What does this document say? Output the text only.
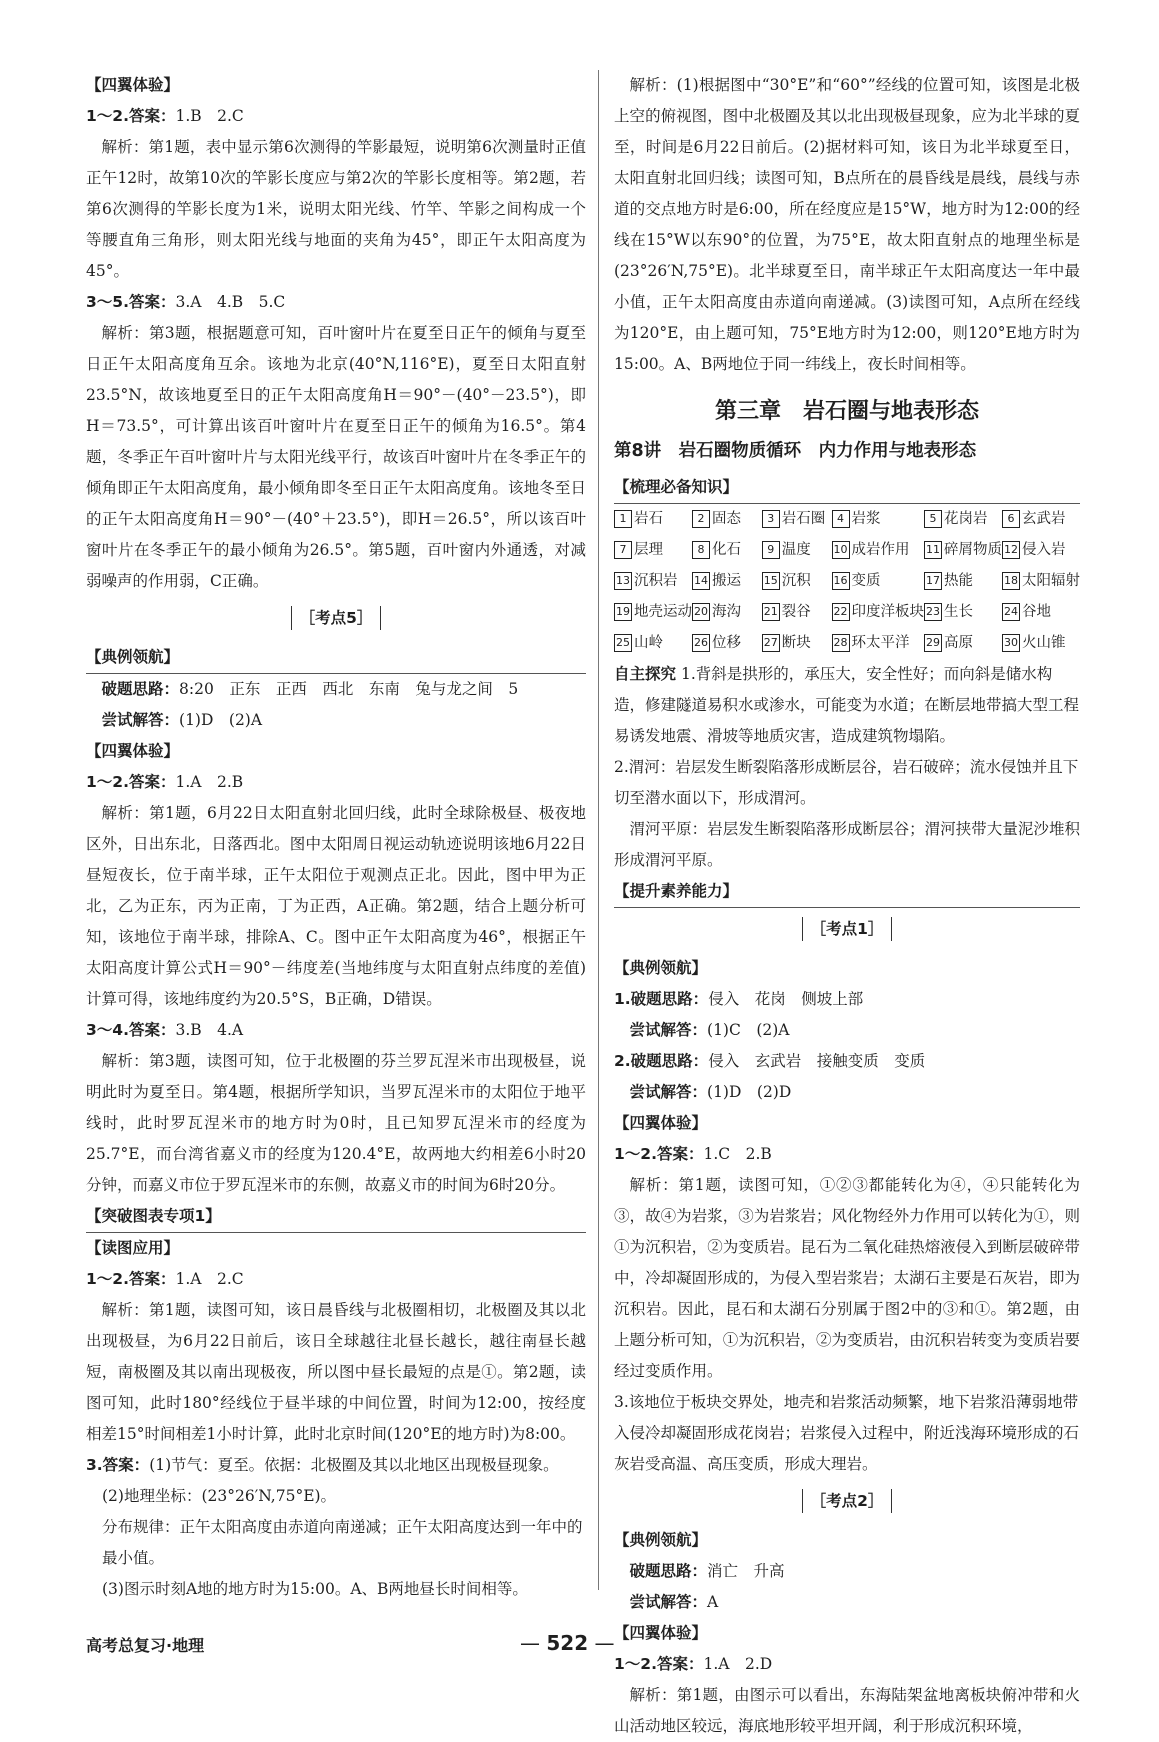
【四翼体验】

1～2.答案：1.B　2.C

解析：第1题，表中显示第6次测得的竿影最短，说明第6次测量时正值正午12时，故第10次的竿影长度应与第2次的竿影长度相等。第2题，若第6次测得的竿影长度为1米，说明太阳光线、竹竿、竿影之间构成一个等腰直角三角形，则太阳光线与地面的夹角为45°，即正午太阳高度为45°。

3～5.答案：3.A　4.B　5.C

解析：第3题，根据题意可知，百叶窗叶片在夏至日正午的倾角与夏至日正午太阳高度角互余。该地为北京(40°N,116°E)，夏至日太阳直射23.5°N，故该地夏至日的正午太阳高度角H＝90°－(40°－23.5°)，即H＝73.5°，可计算出该百叶窗叶片在夏至日正午的倾角为16.5°。第4题，冬季正午百叶窗叶片与太阳光线平行，故该百叶窗叶片在冬季正午的倾角即正午太阳高度角，最小倾角即冬至日正午太阳高度角。该地冬至日的正午太阳高度角H＝90°－(40°＋23.5°)，即H＝26.5°，所以该百叶窗叶片在冬季正午的最小倾角为26.5°。第5题，百叶窗内外通透，对减弱噪声的作用弱，C正确。

［考点5］

【典例领航】

破题思路：8:20　正东　正西　西北　东南　兔与龙之间　5

尝试解答：(1)D　(2)A

【四翼体验】

1～2.答案：1.A　2.B

解析：第1题，6月22日太阳直射北回归线，此时全球除极昼、极夜地区外，日出东北，日落西北。图中太阳周日视运动轨迹说明该地6月22日昼短夜长，位于南半球，正午太阳位于观测点正北。因此，图中甲为正北，乙为正东，丙为正南，丁为正西，A正确。第2题，结合上题分析可知，该地位于南半球，排除A、C。图中正午太阳高度为46°，根据正午太阳高度计算公式H＝90°－纬度差(当地纬度与太阳直射点纬度的差值)计算可得，该地纬度约为20.5°S，B正确，D错误。

3～4.答案：3.B　4.A

解析：第3题，读图可知，位于北极圈的芬兰罗瓦涅米市出现极昼，说明此时为夏至日。第4题，根据所学知识，当罗瓦涅米市的太阳位于地平线时，此时罗瓦涅米市的地方时为0时，且已知罗瓦涅米市的经度为25.7°E，而台湾省嘉义市的经度为120.4°E，故两地大约相差6小时20分钟，而嘉义市位于罗瓦涅米市的东侧，故嘉义市的时间为6时20分。

【突破图表专项1】

【读图应用】

1～2.答案：1.A　2.C

解析：第1题，读图可知，该日晨昏线与北极圈相切，北极圈及其以北出现极昼，为6月22日前后，该日全球越往北昼长越长，越往南昼长越短，南极圈及其以南出现极夜，所以图中昼长最短的点是①。第2题，读图可知，此时180°经线位于昼半球的中间位置，时间为12:00，按经度相差15°时间相差1小时计算，此时北京时间(120°E的地方时)为8:00。

3.答案：(1)节气：夏至。依据：北极圈及其以北地区出现极昼现象。

(2)地理坐标：(23°26′N,75°E)。

分布规律：正午太阳高度由赤道向南递减；正午太阳高度达到一年中的最小值。

(3)图示时刻A地的地方时为15:00。A、B两地昼长时间相等。

解析：(1)根据图中“30°E”和“60°”经线的位置可知，该图是北极上空的俯视图，图中北极圈及其以北出现极昼现象，应为北半球的夏至，时间是6月22日前后。(2)据材料可知，该日为北半球夏至日，太阳直射北回归线；读图可知，B点所在的晨昏线是晨线，晨线与赤道的交点地方时是6:00，所在经度应是15°W，地方时为12:00的经线在15°W以东90°的位置，为75°E，故太阳直射点的地理坐标是(23°26′N,75°E)。北半球夏至日，南半球正午太阳高度达一年中最小值，正午太阳高度由赤道向南递减。(3)读图可知，A点所在经线为120°E，由上题可知，75°E地方时为12:00，则120°E地方时为15:00。A、B两地位于同一纬线上，夜长时间相等。

第三章　岩石圈与地表形态

第8讲　岩石圈物质循环　内力作用与地表形态

【梳理必备知识】

1 岩石	2 固态	3 岩石圈	4 岩浆	5 花岗岩	6 玄武岩
7 层理	8 化石	9 温度	10 成岩作用	11 碎屑物质 12 侵入岩
13 沉积岩	14 搬运	15 沉积	16 变质	17 热能	18 太阳辐射
19 地壳运动 20 海沟	21 裂谷	22 印度洋板块 23 生长	24 谷地
25 山岭	26 位移	27 断块	28 环太平洋	29 高原	30 火山锥

自主探究 1.背斜是拱形的，承压大，安全性好；而向斜是储水构造，修建隧道易积水或渗水，可能变为水道；在断层地带搞大型工程易诱发地震、滑坡等地质灾害，造成建筑物塌陷。

2.渭河：岩层发生断裂陷落形成断层谷，岩石破碎；流水侵蚀并且下切至潜水面以下，形成渭河。

渭河平原：岩层发生断裂陷落形成断层谷；渭河挟带大量泥沙堆积形成渭河平原。

【提升素养能力】

［考点1］

【典例领航】

1.破题思路：侵入　花岗　侧坡上部

尝试解答：(1)C　(2)A

2.破题思路：侵入　玄武岩　接触变质　变质

尝试解答：(1)D　(2)D

【四翼体验】

1～2.答案：1.C　2.B

解析：第1题，读图可知，①②③都能转化为④，④只能转化为③，故④为岩浆，③为岩浆岩；风化物经外力作用可以转化为①，则①为沉积岩，②为变质岩。昆石为二氧化硅热熔液侵入到断层破碎带中，冷却凝固形成的，为侵入型岩浆岩；太湖石主要是石灰岩，即为沉积岩。因此，昆石和太湖石分别属于图2中的③和①。第2题，由上题分析可知，①为沉积岩，②为变质岩，由沉积岩转变为变质岩要经过变质作用。

3.该地位于板块交界处，地壳和岩浆活动频繁，地下岩浆沿薄弱地带入侵冷却凝固形成花岗岩；岩浆侵入过程中，附近浅海环境形成的石灰岩受高温、高压变质，形成大理岩。

［考点2］

【典例领航】

破题思路：消亡　升高

尝试解答：A

【四翼体验】

1～2.答案：1.A　2.D

解析：第1题，由图示可以看出，东海陆架盆地离板块俯冲带和火山活动地区较远，海底地形较平坦开阔，利于形成沉积环境，

高考总复习·地理
—	522 —
